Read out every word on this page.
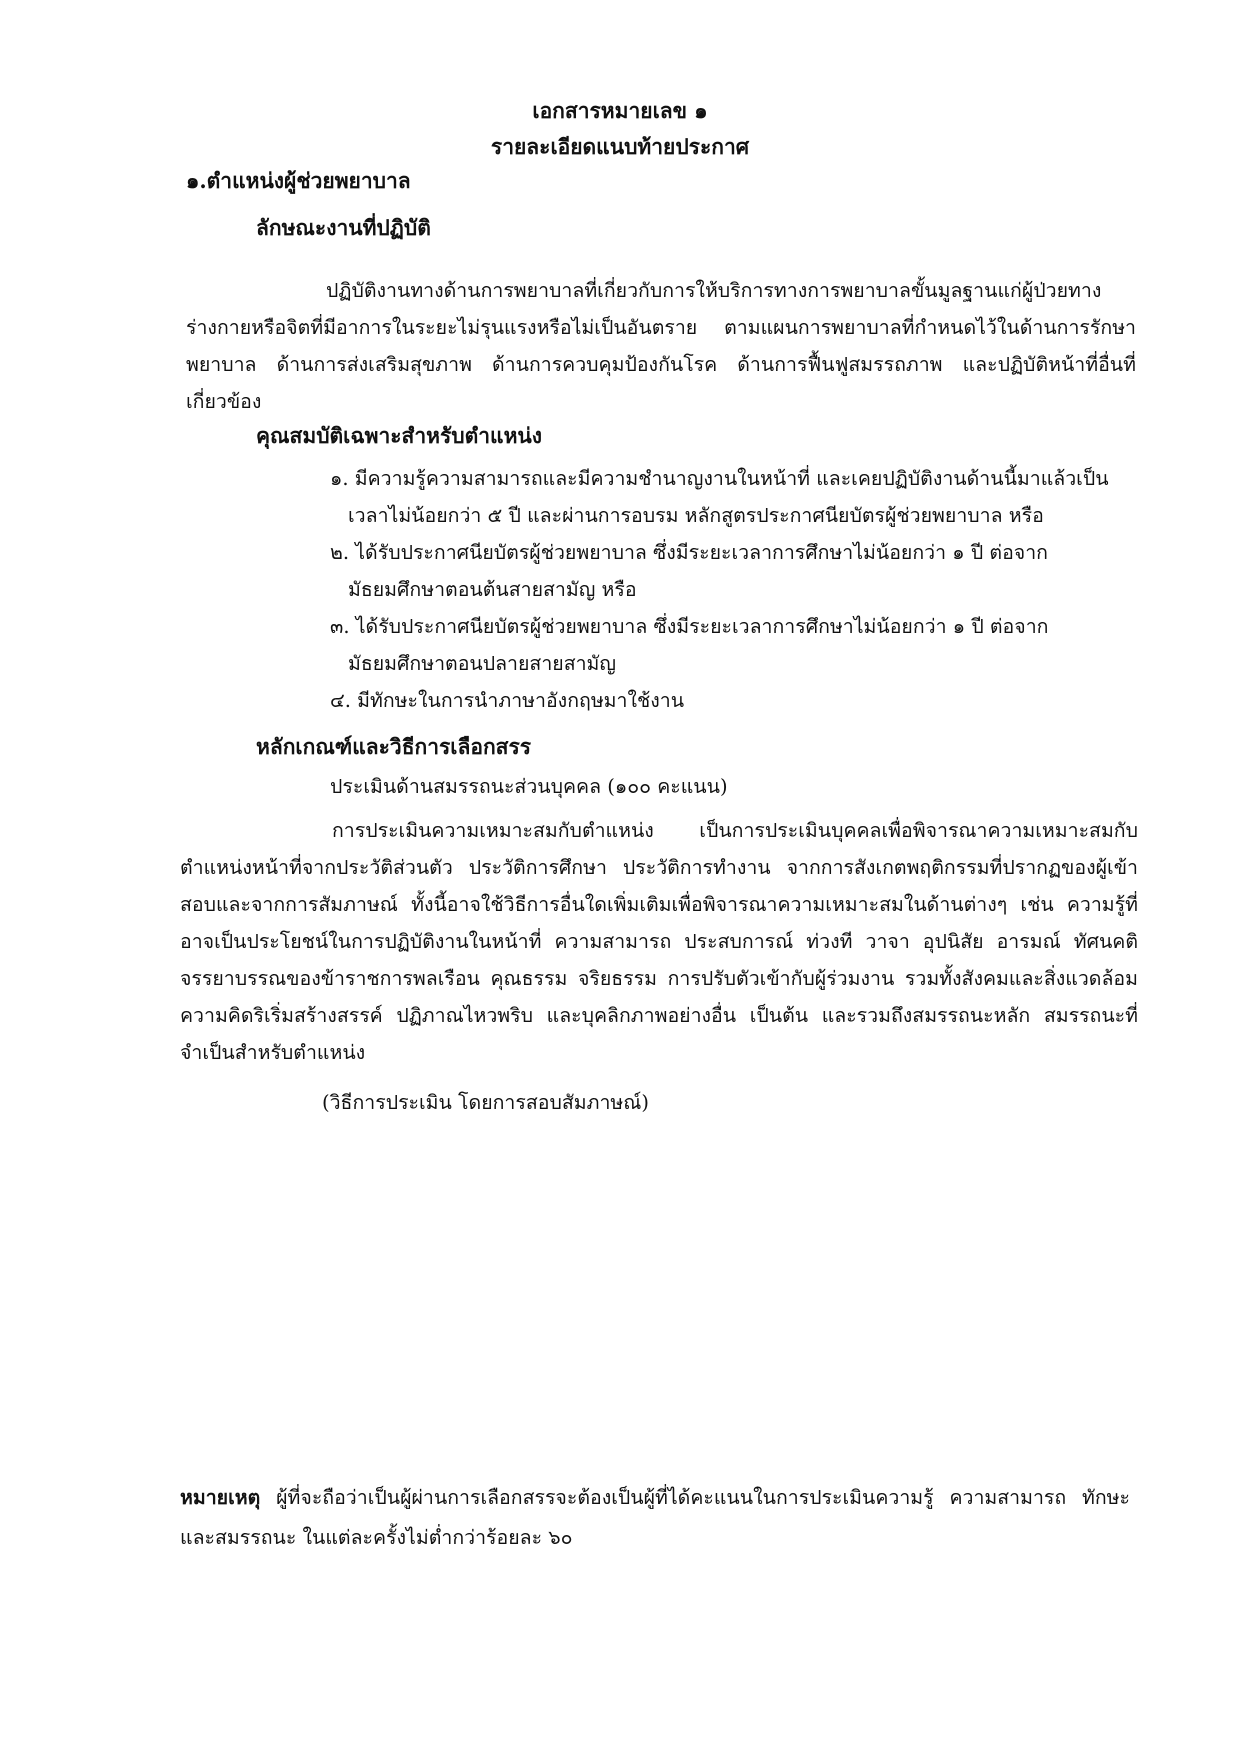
เอกสารหมายเลข ๑
รายละเอียดแนบท้ายประกาศ
๑.ตำแหน่งผู้ช่วยพยาบาล
ลักษณะงานที่ปฏิบัติ
ปฏิบัติงานทางด้านการพยาบาลที่เกี่ยวกับการให้บริการทางการพยาบาลขั้นมูลฐานแก่ผู้ป่วยทางร่างกายหรือจิตที่มีอาการในระยะไม่รุนแรงหรือไม่เป็นอันตราย ตามแผนการพยาบาลที่กำหนดไว้ในด้านการรักษาพยาบาล ด้านการส่งเสริมสุขภาพ ด้านการควบคุมป้องกันโรค ด้านการฟื้นฟูสมรรถภาพ และปฏิบัติหน้าที่อื่นที่เกี่ยวข้อง
คุณสมบัติเฉพาะสำหรับตำแหน่ง
๑. มีความรู้ความสามารถและมีความชำนาญงานในหน้าที่ และเคยปฏิบัติงานด้านนี้มาแล้วเป็นเวลาไม่น้อยกว่า ๕ ปี และผ่านการอบรม หลักสูตรประกาศนียบัตรผู้ช่วยพยาบาล หรือ
๒. ได้รับประกาศนียบัตรผู้ช่วยพยาบาล ซึ่งมีระยะเวลาการศึกษาไม่น้อยกว่า ๑ ปี ต่อจากมัธยมศึกษาตอนต้นสายสามัญ หรือ
๓. ได้รับประกาศนียบัตรผู้ช่วยพยาบาล ซึ่งมีระยะเวลาการศึกษาไม่น้อยกว่า ๑ ปี ต่อจากมัธยมศึกษาตอนปลายสายสามัญ
๔. มีทักษะในการนำภาษาอังกฤษมาใช้งาน
หลักเกณฑ์และวิธีการเลือกสรร
ประเมินด้านสมรรถนะส่วนบุคคล (๑๐๐ คะแนน)
การประเมินความเหมาะสมกับตำแหน่ง เป็นการประเมินบุคคลเพื่อพิจารณาความเหมาะสมกับตำแหน่งหน้าที่จากประวัติส่วนตัว ประวัติการศึกษา ประวัติการทำงาน จากการสังเกตพฤติกรรมที่ปรากฏของผู้เข้าสอบและจากการสัมภาษณ์ ทั้งนี้อาจใช้วิธีการอื่นใดเพิ่มเติมเพื่อพิจารณาความเหมาะสมในด้านต่างๆ เช่น ความรู้ที่อาจเป็นประโยชน์ในการปฏิบัติงานในหน้าที่ ความสามารถ ประสบการณ์ ท่วงที วาจา อุปนิสัย อารมณ์ ทัศนคติ จรรยาบรรณของข้าราชการพลเรือน คุณธรรม จริยธรรม การปรับตัวเข้ากับผู้ร่วมงาน รวมทั้งสังคมและสิ่งแวดล้อม ความคิดริเริ่มสร้างสรรค์ ปฏิภาณไหวพริบ และบุคลิกภาพอย่างอื่น เป็นต้น และรวมถึงสมรรถนะหลัก สมรรถนะที่จำเป็นสำหรับตำแหน่ง
(วิธีการประเมิน โดยการสอบสัมภาษณ์)
หมายเหตุ ผู้ที่จะถือว่าเป็นผู้ผ่านการเลือกสรรจะต้องเป็นผู้ที่ได้คะแนนในการประเมินความรู้ ความสามารถ ทักษะ และสมรรถนะ ในแต่ละครั้งไม่ต่ำกว่าร้อยละ ๖๐
